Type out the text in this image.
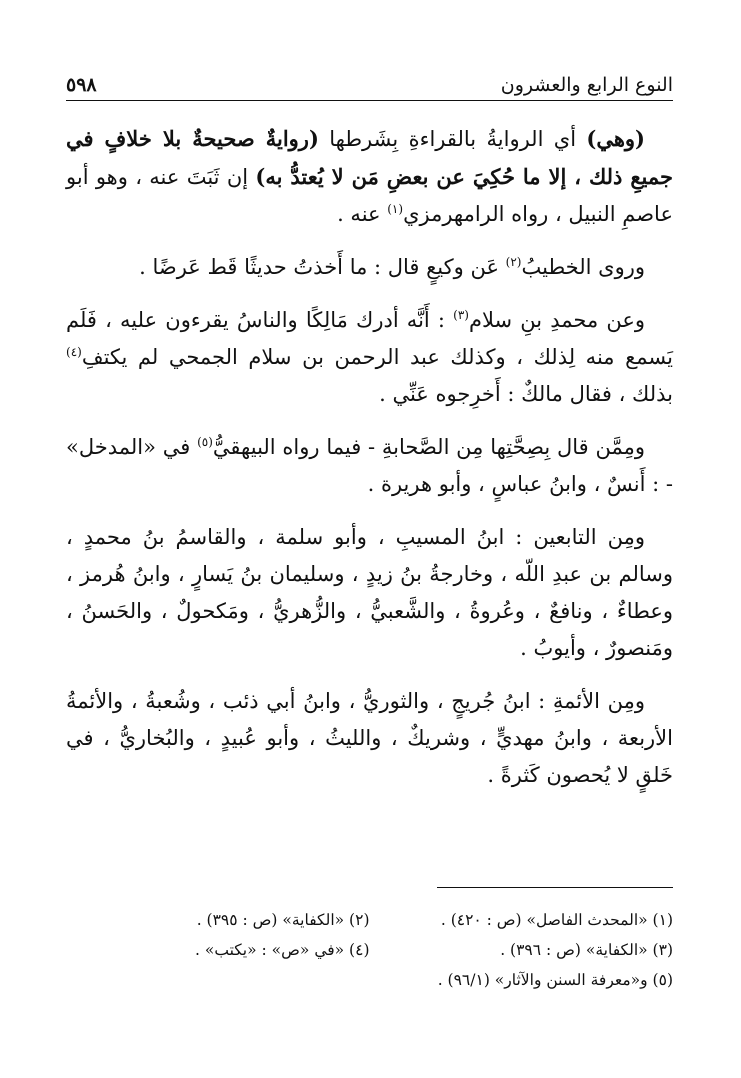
النوع الرابع والعشرون
٥٩٨

(وهي) أي الروايةُ بالقراءةِ بِشَرطها (روايةٌ صحيحةٌ بلا خلافٍ في جميعِ ذلك ، إلا ما حُكِيَ عن بعضِ مَن لا يُعتدُّ به) إن ثَبَتَ عنه ، وهو أبو عاصمِ النبيل ، رواه الرامهرمزي$^{(١)}$ عنه .

وروى الخطيبُ$^{(٢)}$ عَن وكيعٍ قال : ما أَخذتُ حديثًا قَط عَرضًا .

وعن محمدِ بنِ سلام$^{(٣)}$ : أَنَّه أدرك مَالِكًا والناسُ يقرءون عليه ، فَلَم يَسمع منه لِذلك ، وكذلك عبد الرحمن بن سلام الجمحي لم يكتفِ$^{(٤)}$ بذلك ، فقال مالكٌ : أَخرِجوه عَنِّي .

ومِمَّن قال بِصِحَّتِها مِن الصَّحابةِ - فيما رواه البيهقيُّ$^{(٥)}$ في «المدخل» - : أَنسٌ ، وابنُ عباسٍ ، وأبو هريرة .

ومِن التابعين : ابنُ المسيبِ ، وأبو سلمة ، والقاسمُ بنُ محمدٍ ، وسالم بن عبدِ اللّه ، وخارجةُ بنُ زيدٍ ، وسليمان بنُ يَسارٍ ، وابنُ هُرمز ، وعطاءٌ ، ونافعٌ ، وعُروةُ ، والشَّعبيُّ ، والزُّهريُّ ، ومَكحولٌ ، والحَسنُ ، ومَنصورٌ ، وأيوبُ .

ومِن الأئمةِ : ابنُ جُريجٍ ، والثوريُّ ، وابنُ أبي ذئب ، وشُعبةُ ، والأئمةُ الأربعة ، وابنُ مهديٍّ ، وشريكٌ ، والليثُ ، وأبو عُبيدٍ ، والبُخاريُّ ، في خَلقٍ لا يُحصون كَثرةً .

(١) «المحدث الفاصل» (ص : ٤٢٠) .
(٢) «الكفاية» (ص : ٣٩٥) .
(٣) «الكفاية» (ص : ٣٩٦) .
(٤) «في «ص» : «يكتب» .
(٥) و«معرفة السنن والآثار» (٩٦/١) .
